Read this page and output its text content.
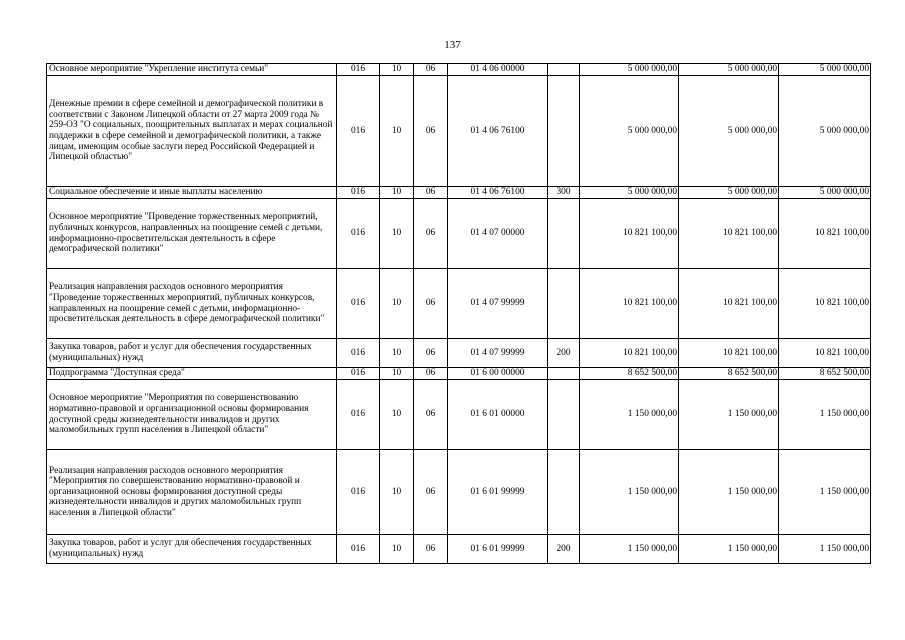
137
Основное мероприятие "Укрепление института семьи"	016	10	06	01 4 06 00000		5 000 000,00	5 000 000,00	5 000 000,00
Денежные премии в сфере семейной и демографической политики в соответствии с Законом Липецкой области от 27 марта 2009 года № 259-ОЗ "О социальных, поощрительных выплатах и мерах социальной поддержки в сфере семейной и демографической политики, а также лицам, имеющим особые заслуги перед Российской Федерацией и Липецкой областью"	016	10	06	01 4 06 76100		5 000 000,00	5 000 000,00	5 000 000,00
Социальное обеспечение и иные выплаты населению	016	10	06	01 4 06 76100	300	5 000 000,00	5 000 000,00	5 000 000,00
Основное мероприятие "Проведение торжественных мероприятий, публичных конкурсов, направленных на поощрение семей с детьми, информационно-просветительская деятельность в сфере демографической политики"	016	10	06	01 4 07 00000		10 821 100,00	10 821 100,00	10 821 100,00
Реализация направления расходов основного мероприятия "Проведение торжественных мероприятий, публичных конкурсов, направленных на поощрение семей с детьми, информационно-просветительская деятельность в сфере демографической политики"	016	10	06	01 4 07 99999		10 821 100,00	10 821 100,00	10 821 100,00
Закупка товаров, работ и услуг для обеспечения государственных (муниципальных) нужд	016	10	06	01 4 07 99999	200	10 821 100,00	10 821 100,00	10 821 100,00
Подпрограмма "Доступная среда"	016	10	06	01 6 00 00000		8 652 500,00	8 652 500,00	8 652 500,00
Основное мероприятие "Мероприятия по совершенствованию нормативно-правовой и организационной основы формирования доступной среды жизнедеятельности инвалидов и других маломобильных групп населения в Липецкой области"	016	10	06	01 6 01 00000		1 150 000,00	1 150 000,00	1 150 000,00
Реализация направления расходов основного мероприятия "Мероприятия по совершенствованию нормативно-правовой и организационной основы формирования доступной среды жизнедеятельности инвалидов и других маломобильных групп населения в Липецкой области"	016	10	06	01 6 01 99999		1 150 000,00	1 150 000,00	1 150 000,00
Закупка товаров, работ и услуг для обеспечения государственных (муниципальных) нужд	016	10	06	01 6 01 99999	200	1 150 000,00	1 150 000,00	1 150 000,00
